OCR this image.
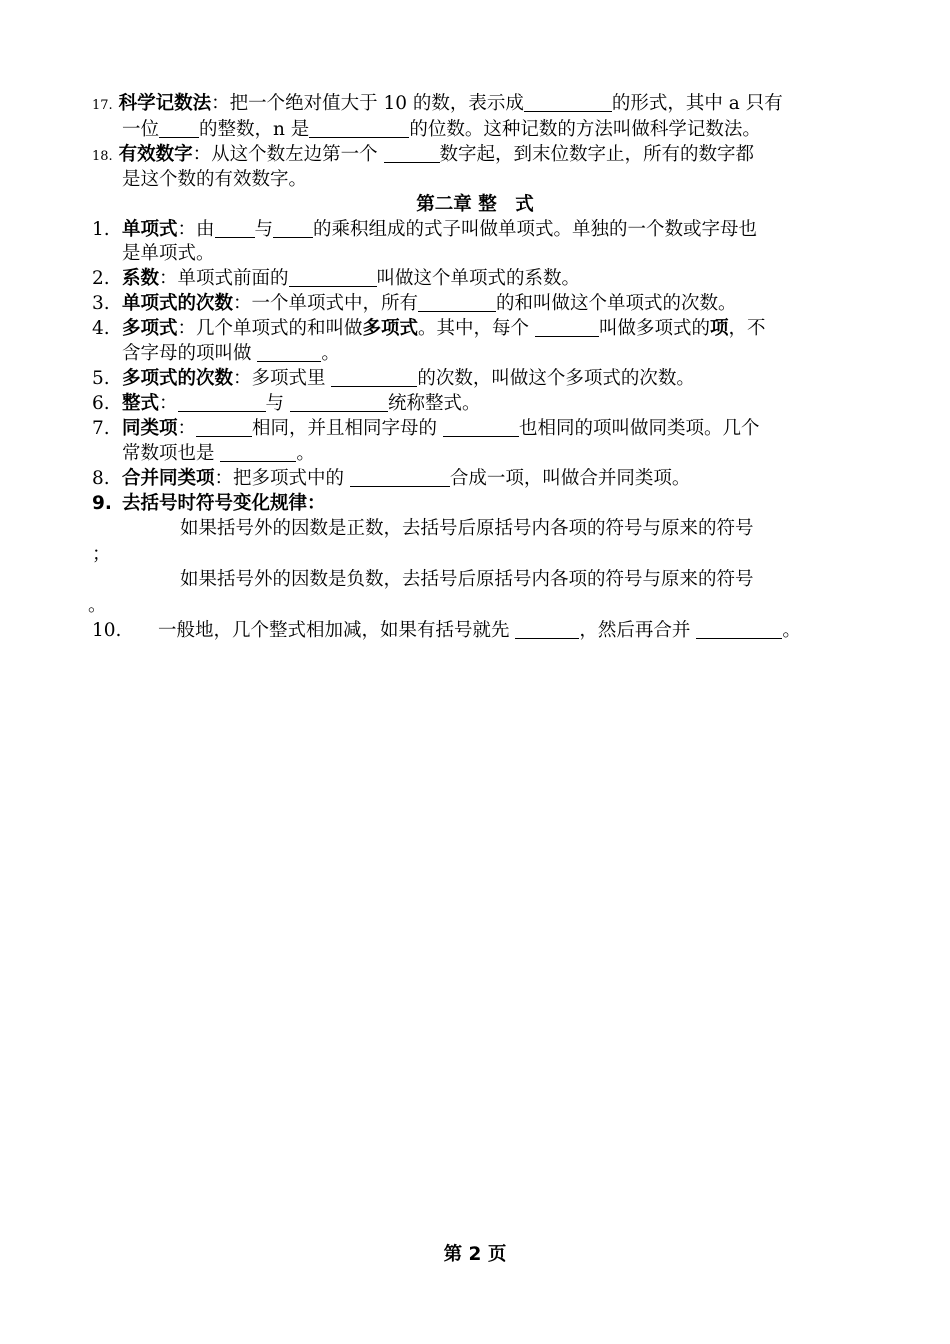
17. 科学记数法：把一个绝对值大于 10 的数，表示成	的形式，其中 a 只有
一位 的整数，n 是	的位数。这种记数的方法叫做科学记数法。
18. 有效数字：从这个数左边第一个	数字起，到末位数字止，所有的数字都
是这个数的有效数字。
第二章 整　式
1. 单项式：由 与 的乘积组成的式子叫做单项式。单独的一个数或字母也
是单项式。
2. 系数：单项式前面的	叫做这个单项式的系数。
3. 单项式的次数：一个单项式中，所有	的和叫做这个单项式的次数。
4. 多项式：几个单项式的和叫做多项式。其中，每个	叫做多项式的项，不
含字母的项叫做	。
5. 多项式的次数：多项式里	的次数，叫做这个多项式的次数。
6. 整式：	与	统称整式。
7. 同类项：	相同，并且相同字母的	也相同的项叫做同类项。几个
常数项也是	。
8. 合并同类项：把多项式中的	合成一项，叫做合并同类项。
9. 去括号时符号变化规律：
如果括号外的因数是正数，去括号后原括号内各项的符号与原来的符号
；
如果括号外的因数是负数，去括号后原括号内各项的符号与原来的符号
。
10. 一般地，几个整式相加减，如果有括号就先	，然后再合并	。
第 2 页
